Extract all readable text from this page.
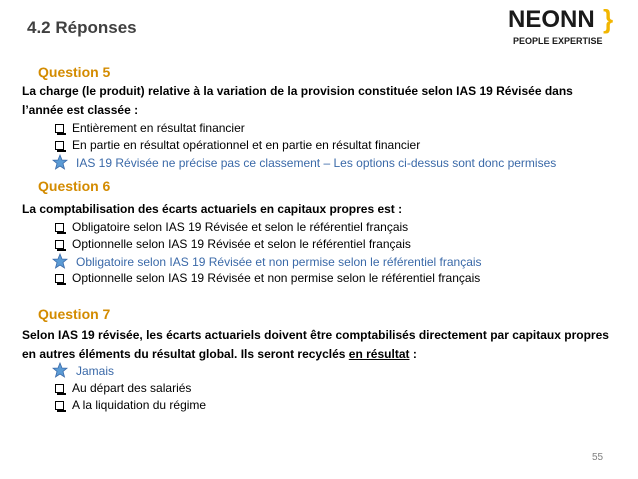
4.2 Réponses	NEONN }
PEOPLE EXPERTISE
Question 5
La charge (le produit) relative à la variation de la provision constituée selon IAS 19 Révisée dans l’année est classée :
Entièrement en résultat financier
En partie en résultat opérationnel et en partie en résultat financier
IAS 19 Révisée ne précise pas ce classement – Les options ci-dessus sont donc permises
Question 6
La comptabilisation des écarts actuariels en capitaux propres est :
Obligatoire selon IAS 19 Révisée et selon le référentiel français
Optionnelle selon IAS 19 Révisée et selon le référentiel français
Obligatoire selon IAS 19 Révisée et non permise selon le référentiel français
Optionnelle selon IAS 19 Révisée et non permise selon le référentiel français
Question 7
Selon IAS 19 révisée, les écarts actuariels doivent être comptabilisés directement par capitaux propres en autres éléments du résultat global. Ils seront recyclés en résultat :
Jamais
Au départ des salariés
A la liquidation du régime
55
